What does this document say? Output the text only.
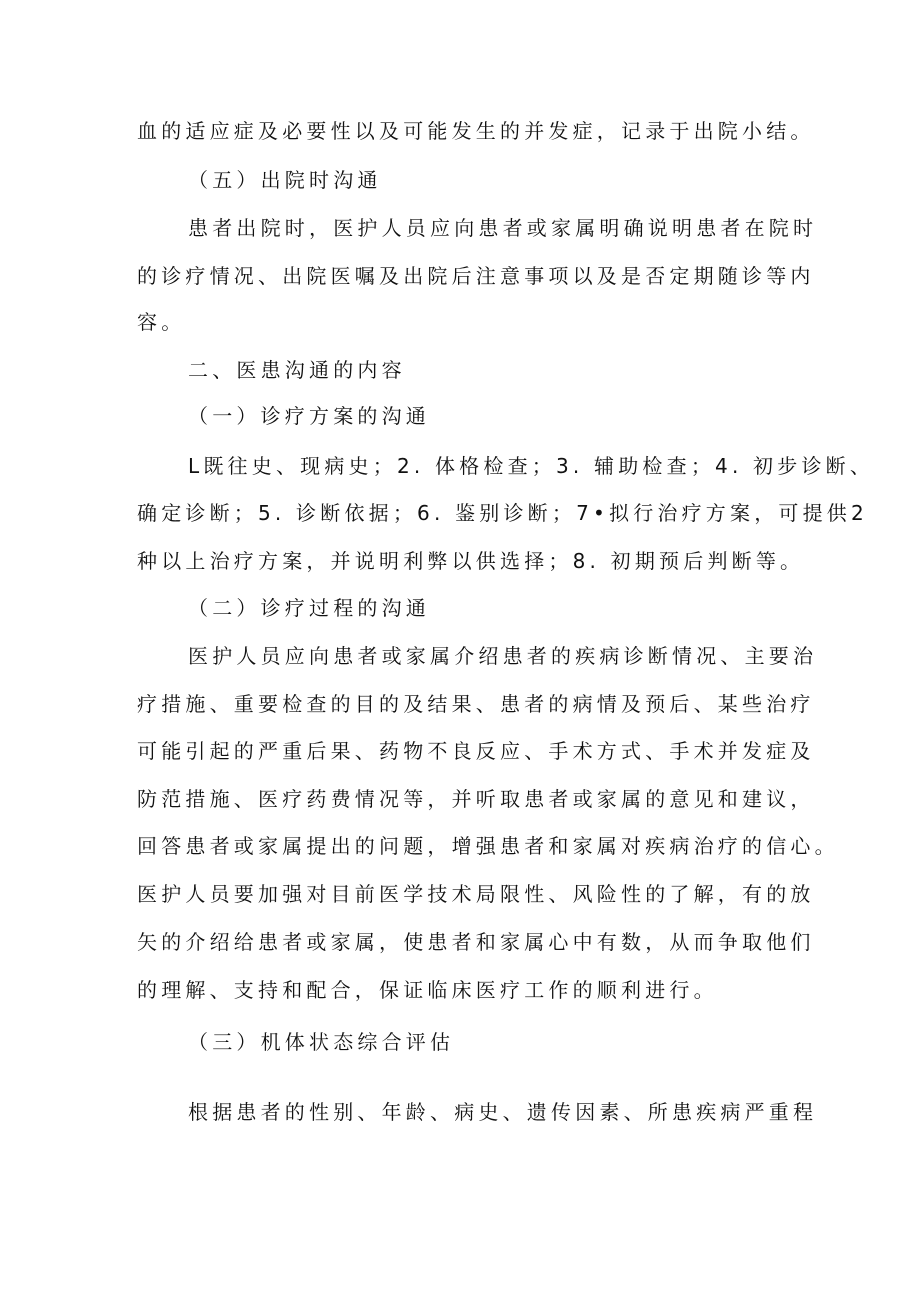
血的适应症及必要性以及可能发生的并发症，记录于出院小结。

（五）出院时沟通

患者出院时，医护人员应向患者或家属明确说明患者在院时

的诊疗情况、出院医嘱及出院后注意事项以及是否定期随诊等内

容。

二、医患沟通的内容

（一）诊疗方案的沟通

L既往史、现病史；2. 体格检查；3. 辅助检查；4. 初步诊断、

确定诊断；5. 诊断依据；6. 鉴别诊断；7•拟行治疗方案，可提供2

种以上治疗方案，并说明利弊以供选择；8. 初期预后判断等。

（二）诊疗过程的沟通

医护人员应向患者或家属介绍患者的疾病诊断情况、主要治

疗措施、重要检查的目的及结果、患者的病情及预后、某些治疗

可能引起的严重后果、药物不良反应、手术方式、手术并发症及

防范措施、医疗药费情况等，并听取患者或家属的意见和建议，

回答患者或家属提出的问题，增强患者和家属对疾病治疗的信心。

医护人员要加强对目前医学技术局限性、风险性的了解，有的放

矢的介绍给患者或家属，使患者和家属心中有数，从而争取他们

的理解、支持和配合，保证临床医疗工作的顺利进行。

（三）机体状态综合评估

根据患者的性别、年龄、病史、遗传因素、所患疾病严重程
